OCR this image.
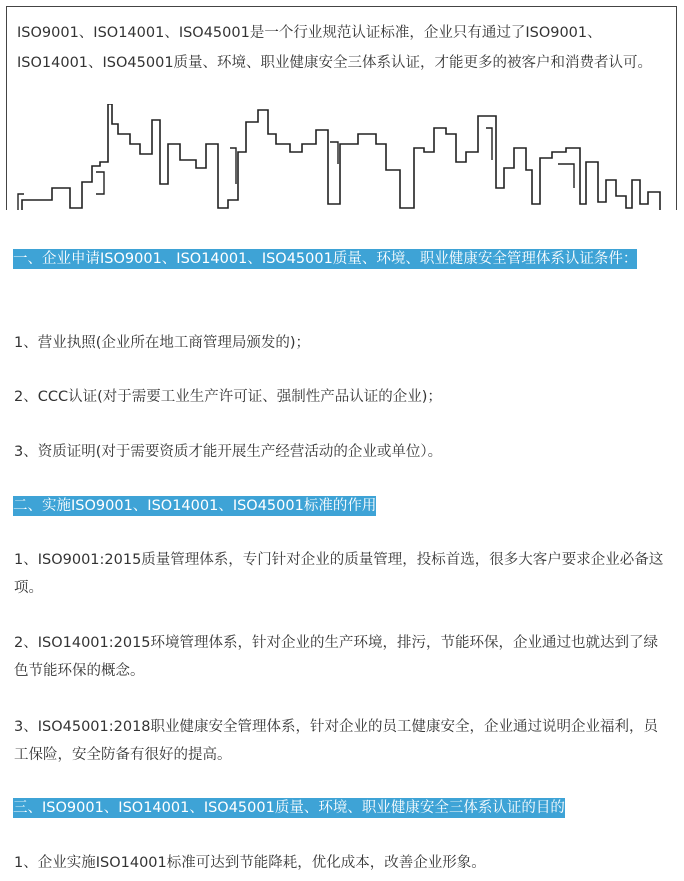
ISO9001、ISO14001、ISO45001是一个行业规范认证标准，企业只有通过了ISO9001、ISO14001、ISO45001质量、环境、职业健康安全三体系认证，才能更多的被客户和消费者认可。

一、企业申请ISO9001、ISO14001、ISO45001质量、环境、职业健康安全管理体系认证条件：

1、营业执照(企业所在地工商管理局颁发的)；

2、CCC认证(对于需要工业生产许可证、强制性产品认证的企业)；

3、资质证明(对于需要资质才能开展生产经营活动的企业或单位）。

二、实施ISO9001、ISO14001、ISO45001标准的作用

1、ISO9001:2015质量管理体系，专门针对企业的质量管理，投标首选，很多大客户要求企业必备这项。

2、ISO14001:2015环境管理体系，针对企业的生产环境，排污，节能环保，企业通过也就达到了绿色节能环保的概念。

3、ISO45001:2018职业健康安全管理体系，针对企业的员工健康安全，企业通过说明企业福利，员工保险，安全防备有很好的提高。

三、ISO9001、ISO14001、ISO45001质量、环境、职业健康安全三体系认证的目的

1、企业实施ISO14001标准可达到节能降耗，优化成本，改善企业形象。
